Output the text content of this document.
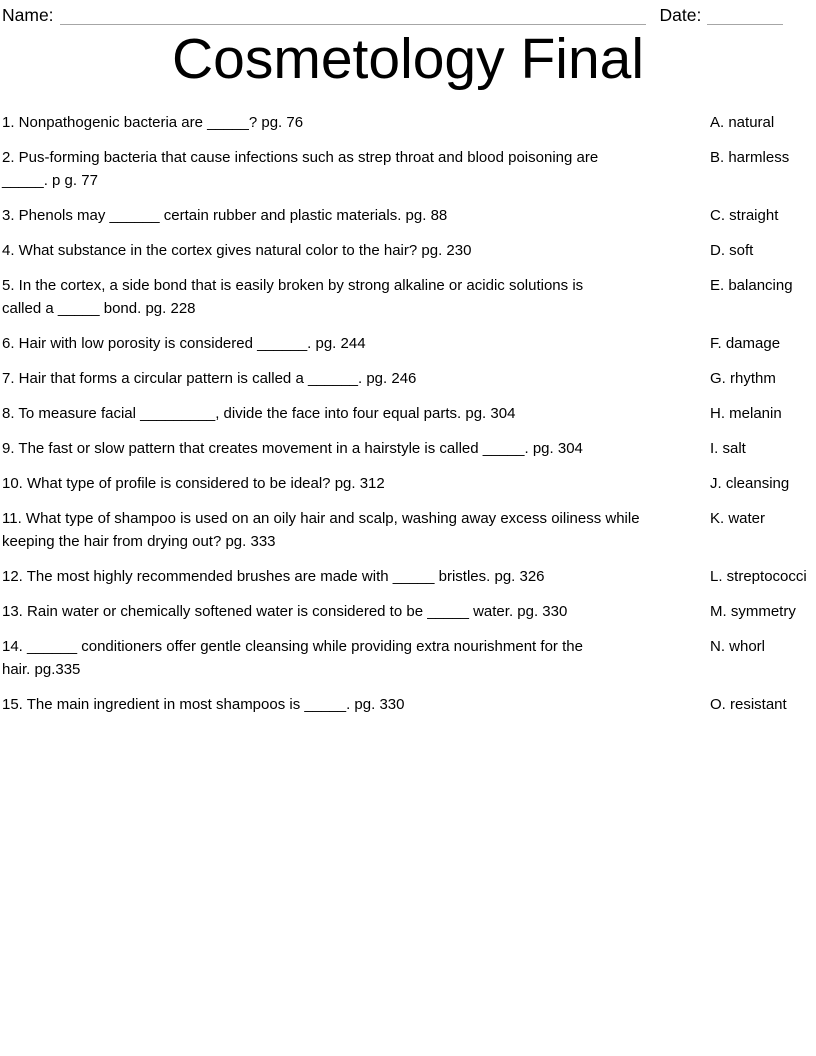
Name:	Date:
Cosmetology Final
1. Nonpathogenic bacteria are _____? pg. 76	A. natural
2. Pus-forming bacteria that cause infections such as strep throat and blood poisoning are
_____. p g. 77
B. harmless
3. Phenols may ______ certain rubber and plastic materials. pg. 88	C. straight
4. What substance in the cortex gives natural color to the hair? pg. 230	D. soft
5. In the cortex, a side bond that is easily broken by strong alkaline or acidic solutions is
called a _____ bond. pg. 228
E. balancing
6. Hair with low porosity is considered ______. pg. 244	F. damage
7. Hair that forms a circular pattern is called a ______. pg. 246	G. rhythm
8. To measure facial _________, divide the face into four equal parts. pg. 304	H. melanin
9. The fast or slow pattern that creates movement in a hairstyle is called _____. pg. 304	I. salt
10. What type of profile is considered to be ideal? pg. 312	J. cleansing
11. What type of shampoo is used on an oily hair and scalp, washing away excess oiliness while
keeping the hair from drying out? pg. 333
K. water
12. The most highly recommended brushes are made with _____ bristles. pg. 326	L. streptococci
13. Rain water or chemically softened water is considered to be _____ water. pg. 330	M. symmetry
14. ______ conditioners offer gentle cleansing while providing extra nourishment for the
hair. pg.335
N. whorl
15. The main ingredient in most shampoos is _____. pg. 330	O. resistant
